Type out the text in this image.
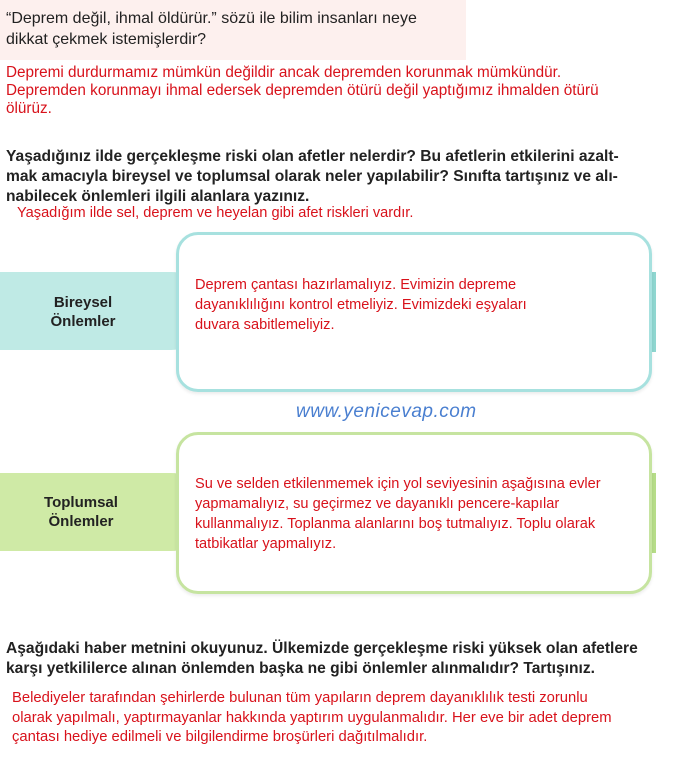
“Deprem değil, ihmal öldürür.” sözü ile bilim insanları neye
dikkat çekmek istemişlerdir?
Depremi durdurmamız mümkün değildir ancak depremden korunmak mümkündür.
Depremden korunmayı ihmal edersek depremden ötürü değil yaptığımız ihmalden ötürü
ölürüz.
Yaşadığınız ilde gerçekleşme riski olan afetler nelerdir? Bu afetlerin etkilerini azalt-
mak amacıyla bireysel ve toplumsal olarak neler yapılabilir? Sınıfta tartışınız ve alı-
nabilecek önlemleri ilgili alanlara yazınız.
Yaşadığım ilde sel, deprem ve heyelan gibi afet riskleri vardır.
Bireysel
Önlemler
Deprem çantası hazırlamalıyız. Evimizin depreme
dayanıklılığını kontrol etmeliyiz. Evimizdeki eşyaları
duvara sabitlemeliyiz.
www.yenicevap.com
Toplumsal
Önlemler
Su ve selden etkilenmemek için yol seviyesinin aşağısına evler
yapmamalıyız, su geçirmez ve dayanıklı pencere-kapılar
kullanmalıyız. Toplanma alanlarını boş tutmalıyız. Toplu olarak
tatbikatlar yapmalıyız.
Aşağıdaki haber metnini okuyunuz. Ülkemizde gerçekleşme riski yüksek olan afetlere
karşı yetkililerce alınan önlemden başka ne gibi önlemler alınmalıdır? Tartışınız.
Belediyeler tarafından şehirlerde bulunan tüm yapıların deprem dayanıklılık testi zorunlu
olarak yapılmalı, yaptırmayanlar hakkında yaptırım uygulanmalıdır. Her eve bir adet deprem
çantası hediye edilmeli ve bilgilendirme broşürleri dağıtılmalıdır.
